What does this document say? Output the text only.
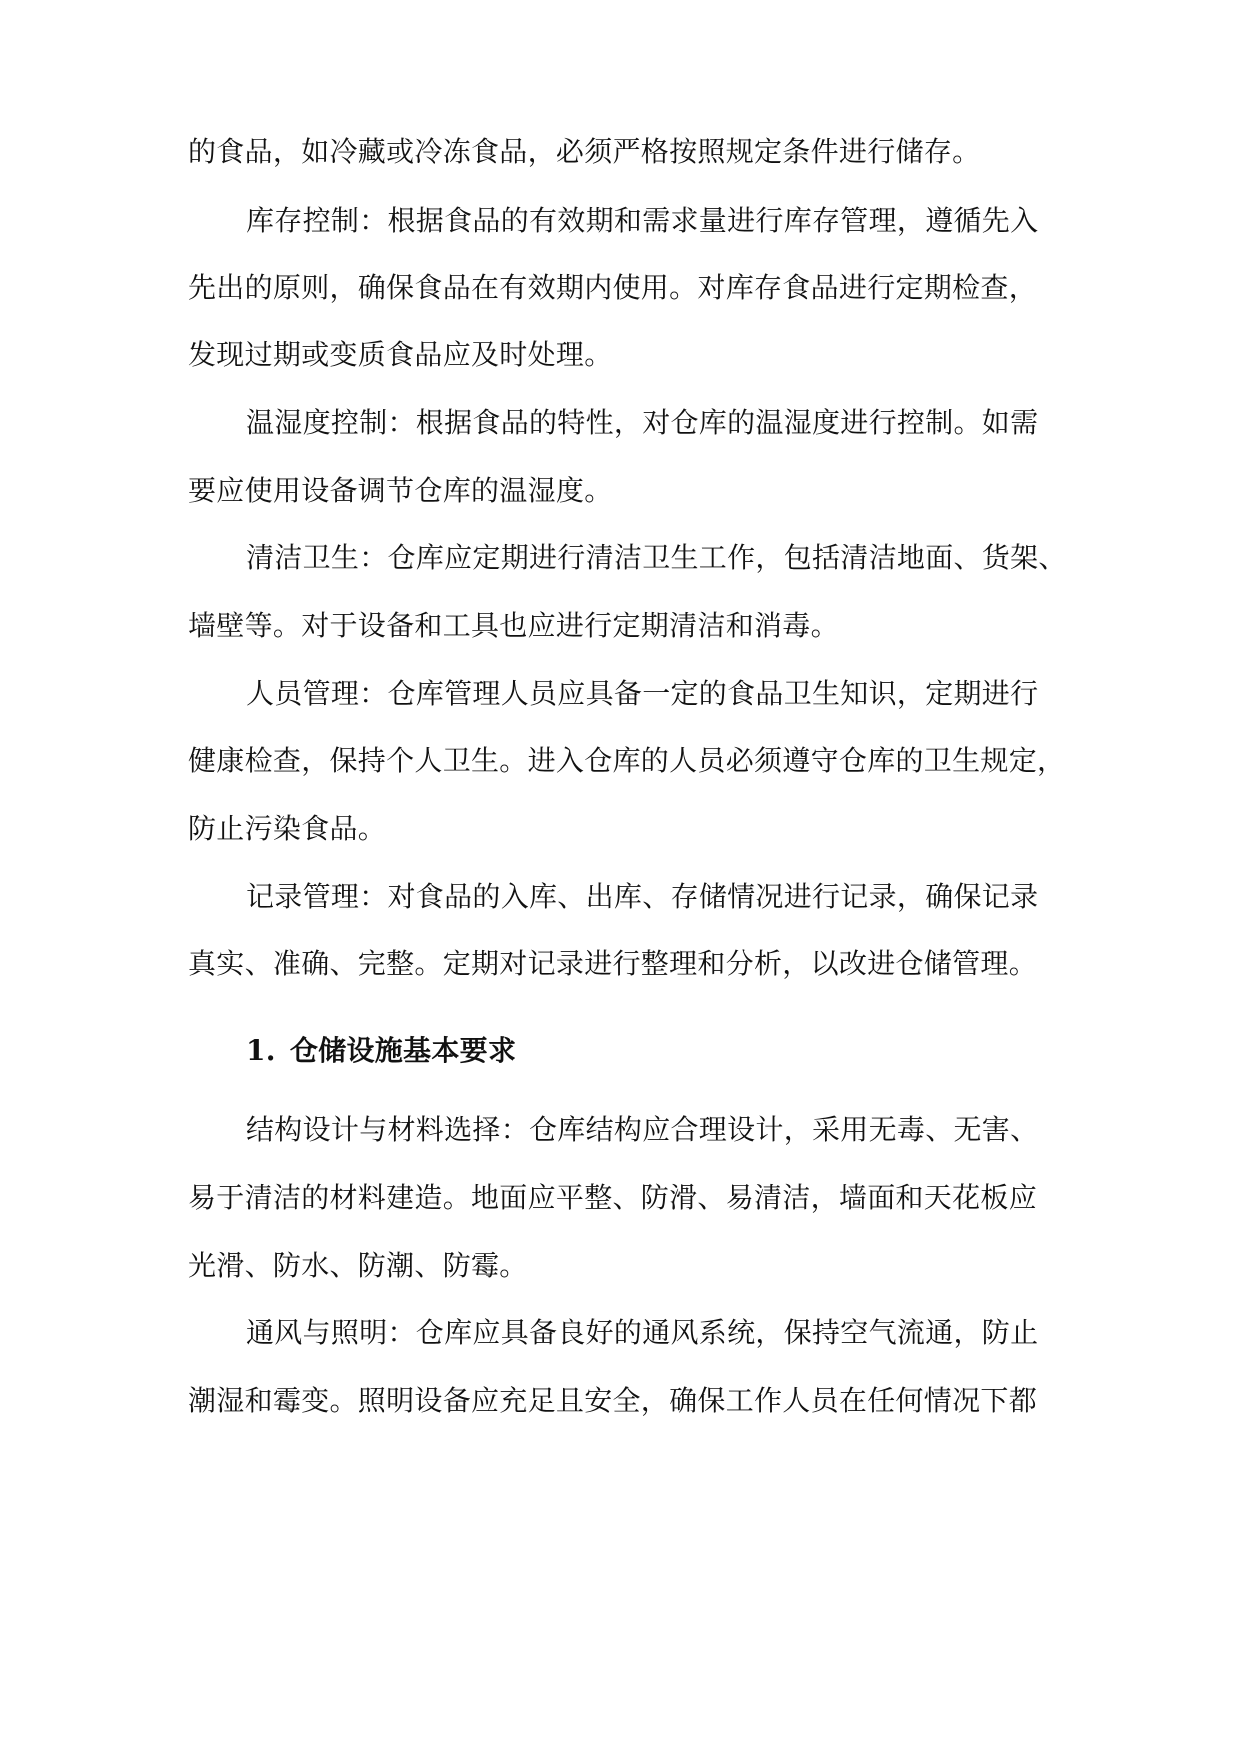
的食品，如冷藏或冷冻食品，必须严格按照规定条件进行储存。
库存控制：根据食品的有效期和需求量进行库存管理，遵循先入
先出的原则，确保食品在有效期内使用。对库存食品进行定期检查，
发现过期或变质食品应及时处理。
温湿度控制：根据食品的特性，对仓库的温湿度进行控制。如需
要应使用设备调节仓库的温湿度。
清洁卫生：仓库应定期进行清洁卫生工作，包括清洁地面、货架、
墙壁等。对于设备和工具也应进行定期清洁和消毒。
人员管理：仓库管理人员应具备一定的食品卫生知识，定期进行
健康检查，保持个人卫生。进入仓库的人员必须遵守仓库的卫生规定，
防止污染食品。
记录管理：对食品的入库、出库、存储情况进行记录，确保记录
真实、准确、完整。定期对记录进行整理和分析，以改进仓储管理。
1. 仓储设施基本要求
结构设计与材料选择：仓库结构应合理设计，采用无毒、无害、
易于清洁的材料建造。地面应平整、防滑、易清洁，墙面和天花板应
光滑、防水、防潮、防霉。
通风与照明：仓库应具备良好的通风系统，保持空气流通，防止
潮湿和霉变。照明设备应充足且安全，确保工作人员在任何情况下都
